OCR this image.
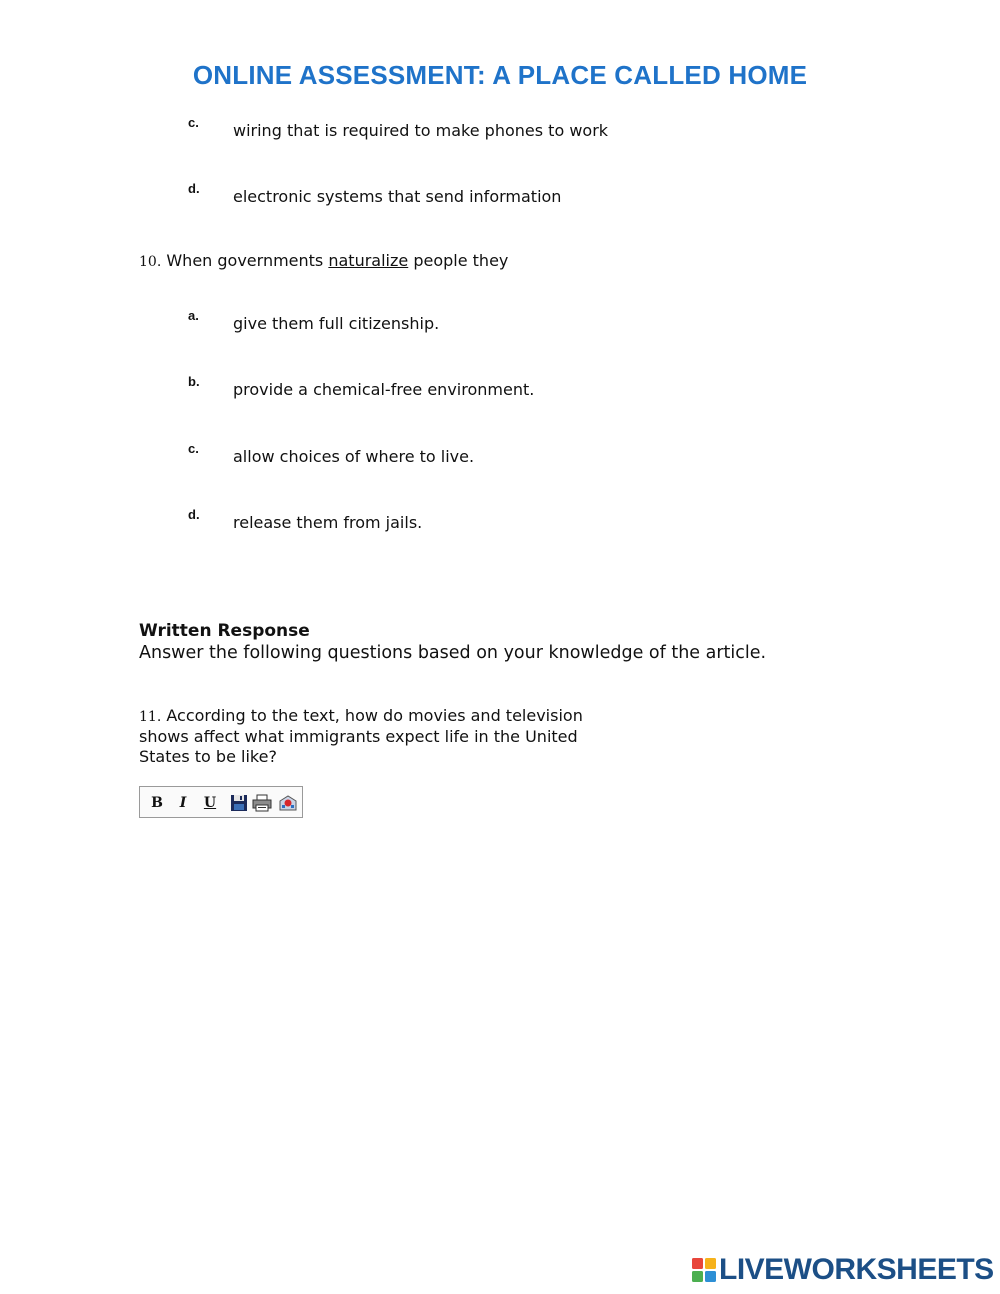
ONLINE ASSESSMENT: A PLACE CALLED HOME
c. wiring that is required to make phones to work
d. electronic systems that send information
10. When governments naturalize people they
a. give them full citizenship.
b. provide a chemical-free environment.
c. allow choices of where to live.
d. release them from jails.
Written Response
Answer the following questions based on your knowledge of the article.
11. According to the text, how do movies and television shows affect what immigrants expect life in the United States to be like?
B	I	U
LIVEWORKSHEETS
